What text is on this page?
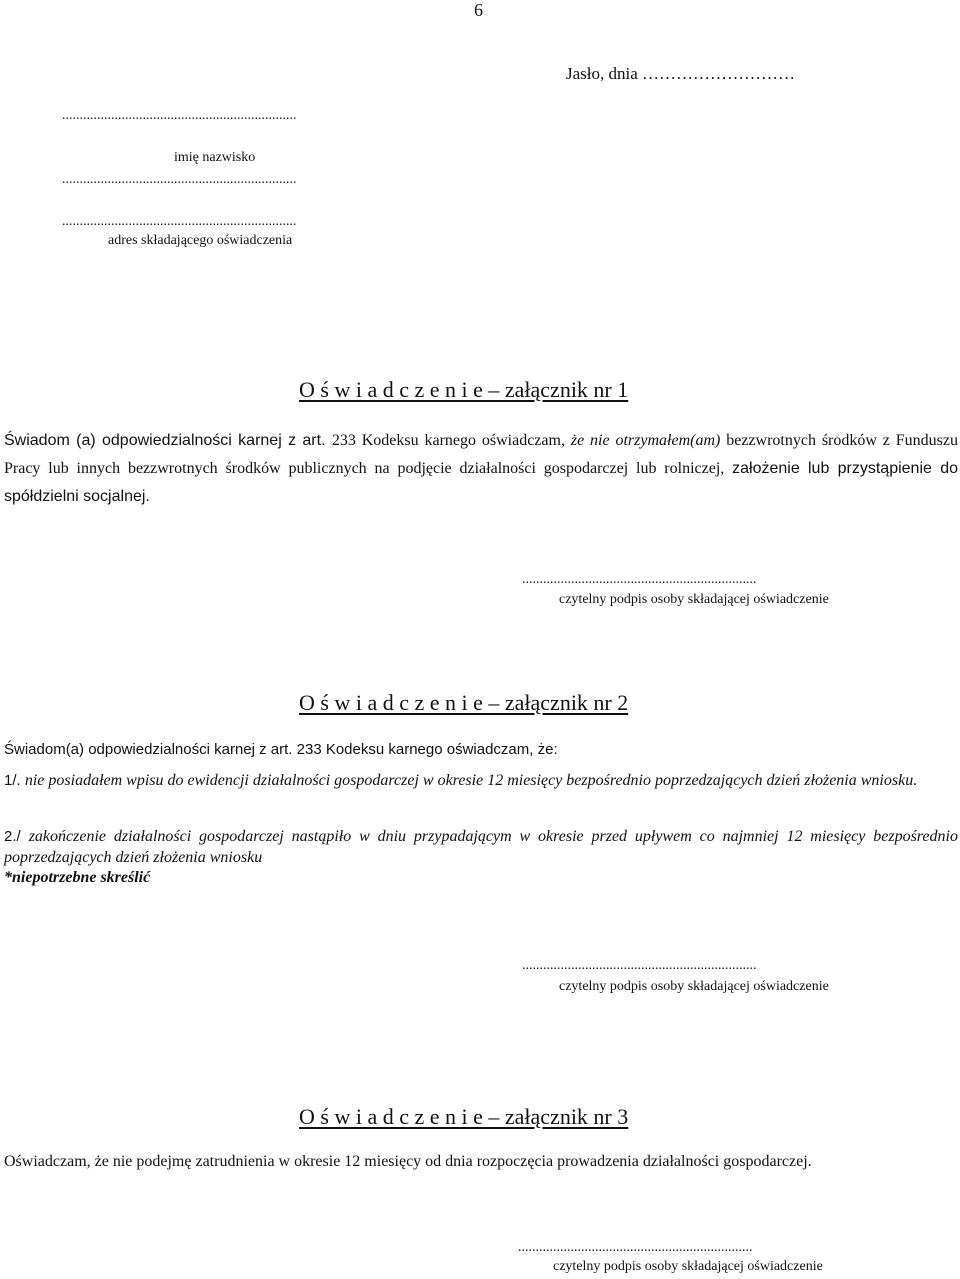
6
Jasło, dnia ………………………
...................................................................
imię nazwisko
...................................................................
...................................................................
adres składającego oświadczenia
O ś w i a d c z e n i e – załącznik nr 1
Świadom (a) odpowiedzialności karnej z art. 233 Kodeksu karnego oświadczam, że nie otrzymałem(am) bezzwrotnych środków z Funduszu Pracy lub innych bezzwrotnych środków publicznych na podjęcie działalności gospodarczej lub rolniczej, założenie lub przystąpienie do spółdzielni socjalnej.
...................................................................
czytelny podpis osoby składającej oświadczenie
O ś w i a d c z e n i e – załącznik nr 2
Świadom(a) odpowiedzialności karnej z art. 233 Kodeksu karnego oświadczam, że:
1/. nie posiadałem wpisu do ewidencji działalności gospodarczej w okresie 12 miesięcy bezpośrednio poprzedzających dzień złożenia wniosku.
2./ zakończenie działalności gospodarczej nastąpiło w dniu przypadającym w okresie przed upływem co najmniej 12 miesięcy bezpośrednio poprzedzających dzień złożenia wniosku
*niepotrzebne skreślić
...................................................................
czytelny podpis osoby składającej oświadczenie
O ś w i a d c z e n i e – załącznik nr 3
Oświadczam, że nie podejmę zatrudnienia w okresie 12 miesięcy od dnia rozpoczęcia prowadzenia działalności gospodarczej.
...................................................................
czytelny podpis osoby składającej oświadczenie
